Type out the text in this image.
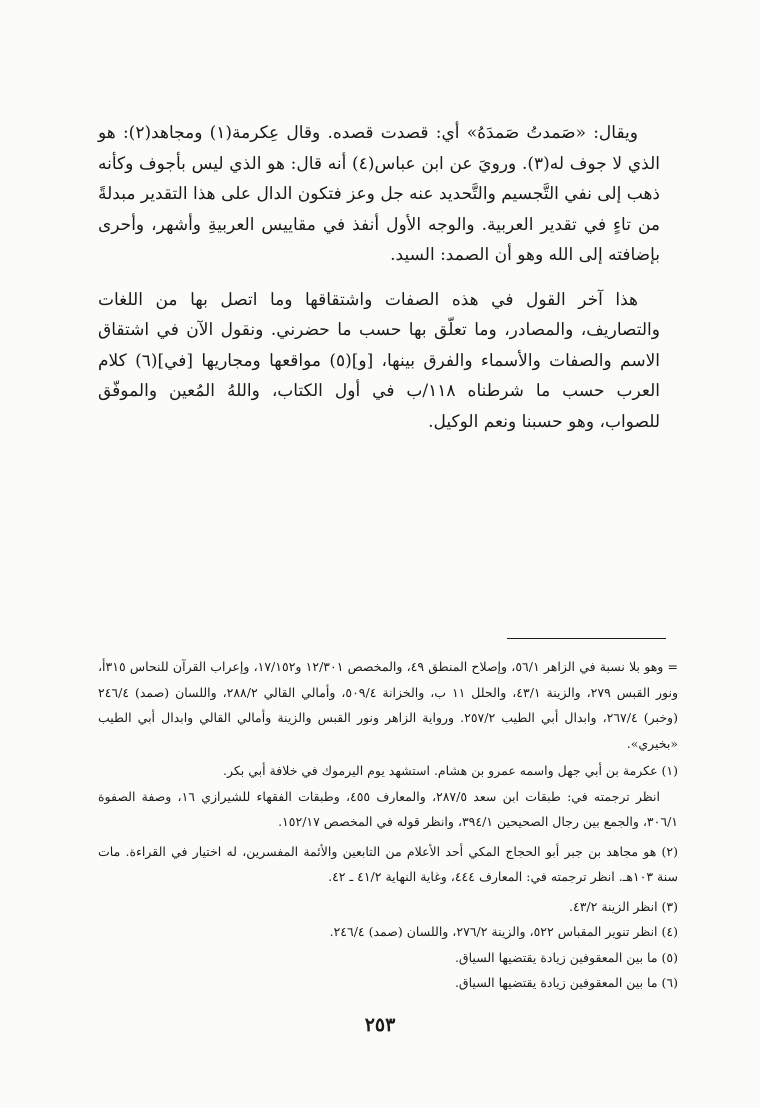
ويقال: «صَمدتُ صَمدَهُ» أي: قصدت قصده. وقال عِكرمة(١) ومجاهد(٢): هو الذي لا جوف له(٣). ورويَ عن ابن عباس(٤) أنه قال: هو الذي ليس بأجوف وكأنه ذهب إلى نفي التَّجسيم والتَّحديد عنه جل وعز فتكون الدال على هذا التقدير مبدلةً من تاءٍ في تقدير العربية. والوجه الأول أنفذ في مقاييس العربيةِ وأشهر، وأحرى بإضافته إلى الله وهو أن الصمد: السيد.

هذا آخر القول في هذه الصفات واشتقاقها وما اتصل بها من اللغات والتصاريف، والمصادر، وما تعلّق بها حسب ما حضرني. ونقول الآن في اشتقاق الاسم والصفات والأسماء والفرق بينها، [و](٥) مواقعها ومجاريها [في](٦) كلام العرب حسب ما شرطناه ١١٨/ب في أول الكتاب، واللهُ المُعين والموفّق للصواب، وهو حسبنا ونعم الوكيل.

= وهو بلا نسبة في الزاهر ٥٦/١، وإصلاح المنطق ٤٩، والمخصص ١٢/٣٠١ و١٧/١٥٢، وإعراب القرآن للنحاس ٣١٥أ، ونور القبس ٢٧٩، والزينة ٤٣/١، والحلل ١١ ب، والخزانة ٥٠٩/٤، وأمالي القالي ٢٨٨/٢، واللسان (صمد) ٢٤٦/٤ (وخبر) ٢٦٧/٤، وابدال أبي الطيب ٢٥٧/٢. ورواية الزاهر ونور القبس والزينة وأمالي القالي وابدال أبي الطيب «بخيري».

(١) عكرمة بن أبي جهل واسمه عمرو بن هشام. استشهد يوم اليرموك في خلافة أبي بكر.

انظر ترجمته في: طبقات ابن سعد ٢٨٧/٥، والمعارف ٤٥٥، وطبقات الفقهاء للشيرازي ١٦، وصفة الصفوة ٣٠٦/١، والجمع بين رجال الصحيحين ٣٩٤/١، وانظر قوله في المخصص ١٥٢/١٧.

(٢) هو مجاهد بن جبر أبو الحجاج المكي أحد الأعلام من التابعين والأئمة المفسرين، له اختيار في القراءة. مات سنة ١٠٣هـ. انظر ترجمته في: المعارف ٤٤٤، وغاية النهاية ٤١/٢ ـ ٤٢.

(٣) انظر الزينة ٤٣/٢.

(٤) انظر تنوير المقباس ٥٢٢، والزينة ٢٧٦/٢، واللسان (صمد) ٢٤٦/٤.

(٥) ما بين المعقوفين زيادة يقتضيها السياق.

(٦) ما بين المعقوفين زيادة يقتضيها السياق.

٢٥٣
